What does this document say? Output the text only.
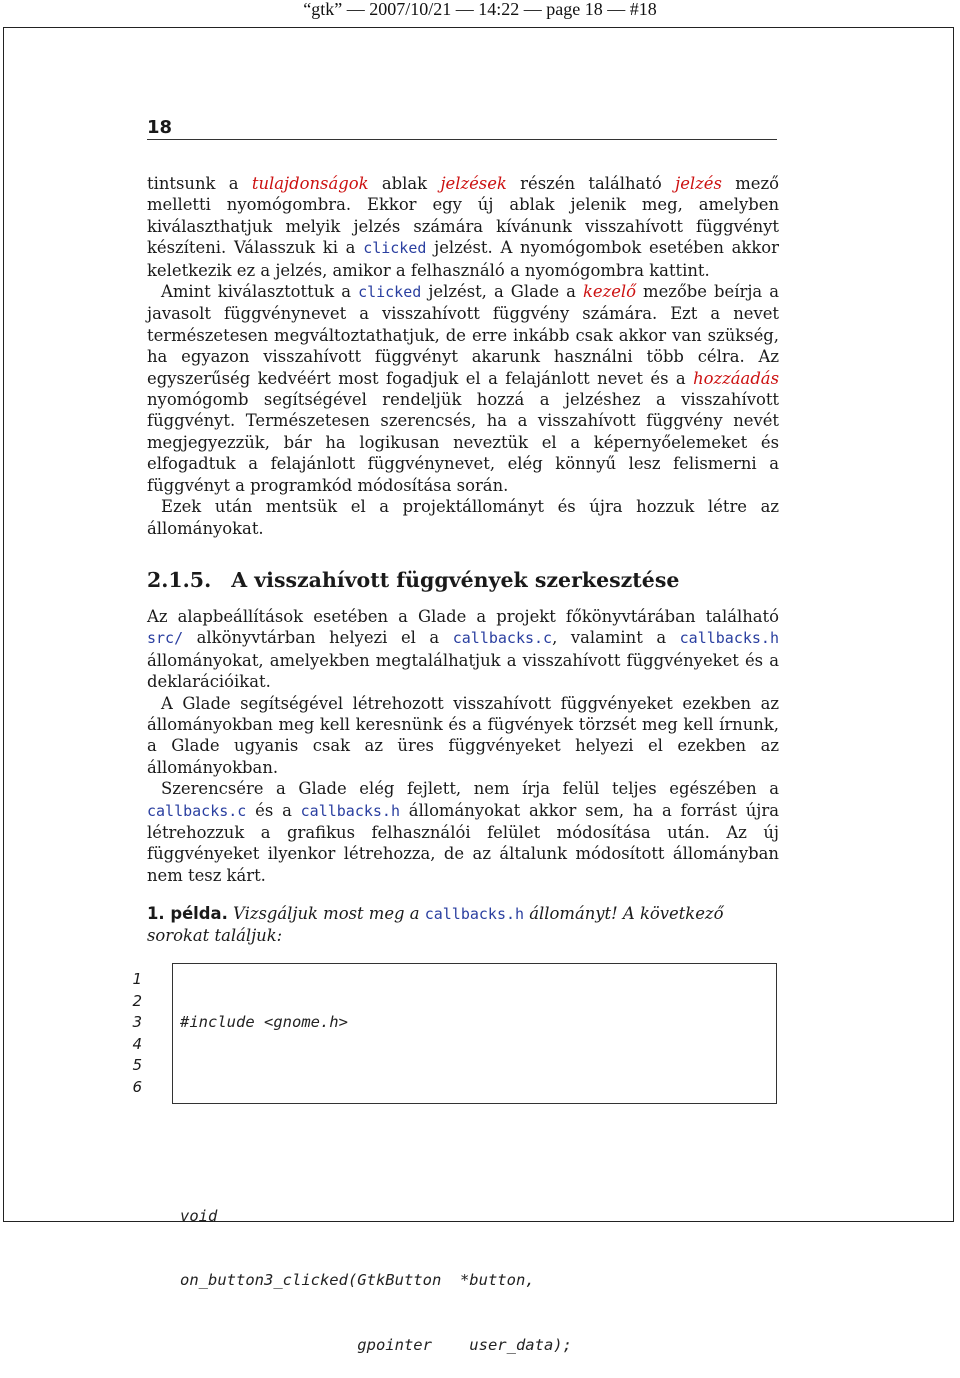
“gtk” — 2007/10/21 — 14:22 — page 18 — #18
18

tintsunk a tulajdonságok ablak jelzések részén található jelzés mező melletti nyomógombra. Ekkor egy új ablak jelenik meg, amelyben kiválaszthatjuk melyik jelzés számára kívánunk visszahívott függvényt készíteni. Válasszuk ki a clicked jelzést. A nyomógombok esetében akkor keletkezik ez a jelzés, amikor a felhasználó a nyomógombra kattint.

Amint kiválasztottuk a clicked jelzést, a Glade a kezelő mezőbe beírja a javasolt függvénynevet a visszahívott függvény számára. Ezt a nevet természetesen megváltoztathatjuk, de erre inkább csak akkor van szükség, ha egyazon visszahívott függvényt akarunk használni több célra. Az egyszerűség kedvéért most fogadjuk el a felajánlott nevet és a hozzáadás nyomógomb segítségével rendeljük hozzá a jelzéshez a visszahívott függvényt. Természetesen szerencsés, ha a visszahívott függvény nevét megjegyezzük, bár ha logikusan neveztük el a képernyőelemeket és elfogadtuk a felajánlott függvénynevet, elég könnyű lesz felismerni a függvényt a programkód módosítása során.

Ezek után mentsük el a projektállományt és újra hozzuk létre az állományokat.

2.1.5. A visszahívott függvények szerkesztése

Az alapbeállítások esetében a Glade a projekt főkönyvtárában található src/ alkönyvtárban helyezi el a callbacks.c, valamint a callbacks.h állományokat, amelyekben megtalálhatjuk a visszahívott függvényeket és a deklarációikat.

A Glade segítségével létrehozott visszahívott függvényeket ezekben az állományokban meg kell keresnünk és a fügvények törzsét meg kell írnunk, a Glade ugyanis csak az üres függvényeket helyezi el ezekben az állományokban.

Szerencsére a Glade elég fejlett, nem írja felül teljes egészében a callbacks.c és a callbacks.h állományokat akkor sem, ha a forrást újra létrehozzuk a grafikus felhasználói felület módosítása után. Az új függvényeket ilyenkor létrehozza, de az általunk módosított állományban nem tesz kárt.

1. példa. Vizsgáljuk most meg a callbacks.h állományt! A következő sorokat találjuk:
1
2
3
4
5
6

#include <gnome.h>

void

on_button3_clicked(GtkButton  *button,

gpointer    user_data);
